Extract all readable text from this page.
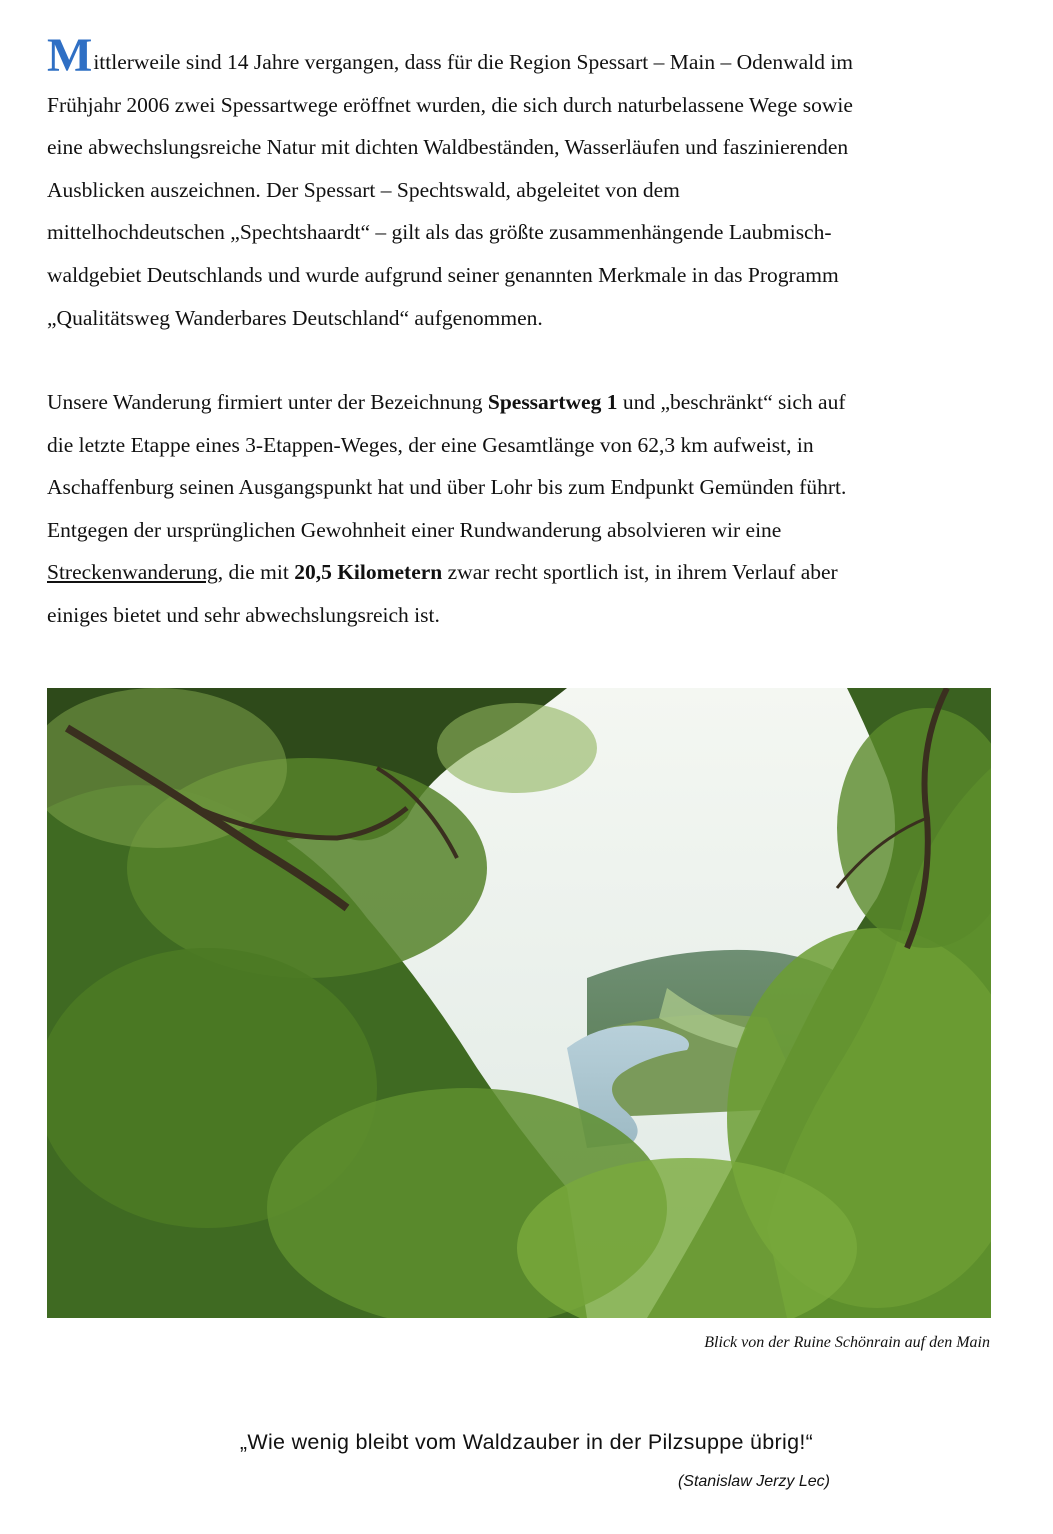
Mittlerweile sind 14 Jahre vergangen, dass für die Region Spessart – Main – Odenwald im
Frühjahr 2006 zwei Spessartwege eröffnet wurden, die sich durch naturbelassene Wege sowie
eine abwechslungsreiche Natur mit dichten Waldbeständen, Wasserläufen und faszinierenden
Ausblicken auszeichnen. Der Spessart – Spechtswald, abgeleitet von dem
mittelhochdeutschen „Spechtshaardt“ – gilt als das größte zusammenhängende Laubmisch-
waldgebiet Deutschlands und wurde aufgrund seiner genannten Merkmale in das Programm
„Qualitätsweg Wanderbares Deutschland“ aufgenommen.
Unsere Wanderung firmiert unter der Bezeichnung Spessartweg 1 und „beschränkt“ sich auf
die letzte Etappe eines 3-Etappen-Weges, der eine Gesamtlänge von 62,3 km aufweist, in
Aschaffenburg seinen Ausgangspunkt hat und über Lohr bis zum Endpunkt Gemünden führt.
Entgegen der ursprünglichen Gewohnheit einer Rundwanderung absolvieren wir eine
Streckenwanderung, die mit 20,5 Kilometern zwar recht sportlich ist, in ihrem Verlauf aber
einiges bietet und sehr abwechslungsreich ist.
Blick von der Ruine Schönrain auf den Main
„Wie wenig bleibt vom Waldzauber in der Pilzsuppe übrig!“
(Stanislaw Jerzy Lec)
